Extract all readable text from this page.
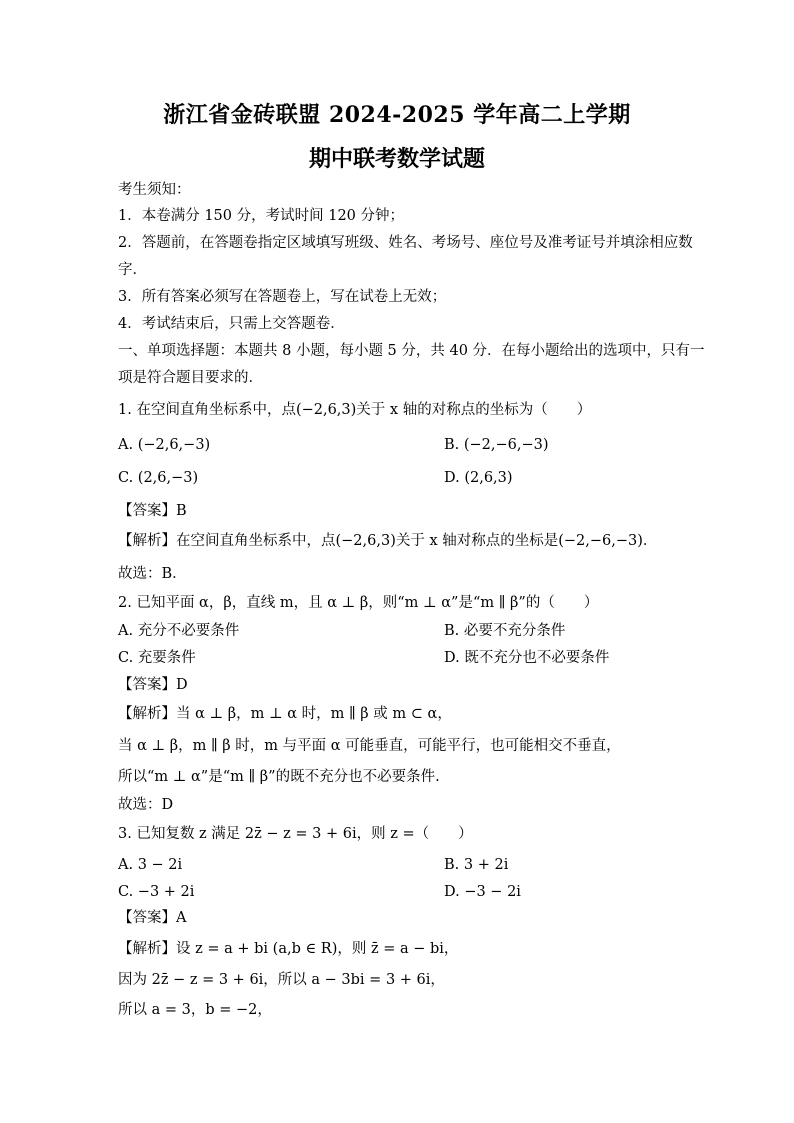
浙江省金砖联盟 2024-2025 学年高二上学期
期中联考数学试题
考生须知：
1．本卷满分 150 分，考试时间 120 分钟；
2．答题前，在答题卷指定区域填写班级、姓名、考场号、座位号及准考证号并填涂相应数
字．
3．所有答案必须写在答题卷上，写在试卷上无效；
4．考试结束后，只需上交答题卷．
一、单项选择题：本题共 8 小题，每小题 5 分，共 40 分．在每小题给出的选项中，只有一
项是符合题目要求的．
1. 在空间直角坐标系中，点(−2,6,3)关于 x 轴的对称点的坐标为（　　）
A. (−2,6,−3)	B. (−2,−6,−3)
C. (2,6,−3)	D. (2,6,3)
【答案】B
【解析】在空间直角坐标系中，点(−2,6,3)关于 x 轴对称点的坐标是(−2,−6,−3)．
故选：B．
2. 已知平面 α，β，直线 m，且 α ⊥ β，则“m ⊥ α”是“m ∥ β”的（　　）
A. 充分不必要条件	B. 必要不充分条件
C. 充要条件	D. 既不充分也不必要条件
【答案】D
【解析】当 α ⊥ β，m ⊥ α 时，m ∥ β 或 m ⊂ α，
当 α ⊥ β，m ∥ β 时，m 与平面 α 可能垂直，可能平行，也可能相交不垂直，
所以“m ⊥ α”是“m ∥ β”的既不充分也不必要条件.
故选：D
3. 已知复数 z 满足 2z̄ − z = 3 + 6i，则 z =（　　）
A. 3 − 2i	B. 3 + 2i
C. −3 + 2i	D. −3 − 2i
【答案】A
【解析】设 z = a + bi (a,b ∈ R)，则 z̄ = a − bi，
因为 2z̄ − z = 3 + 6i，所以 a − 3bi = 3 + 6i，
所以 a = 3，b = −2，
